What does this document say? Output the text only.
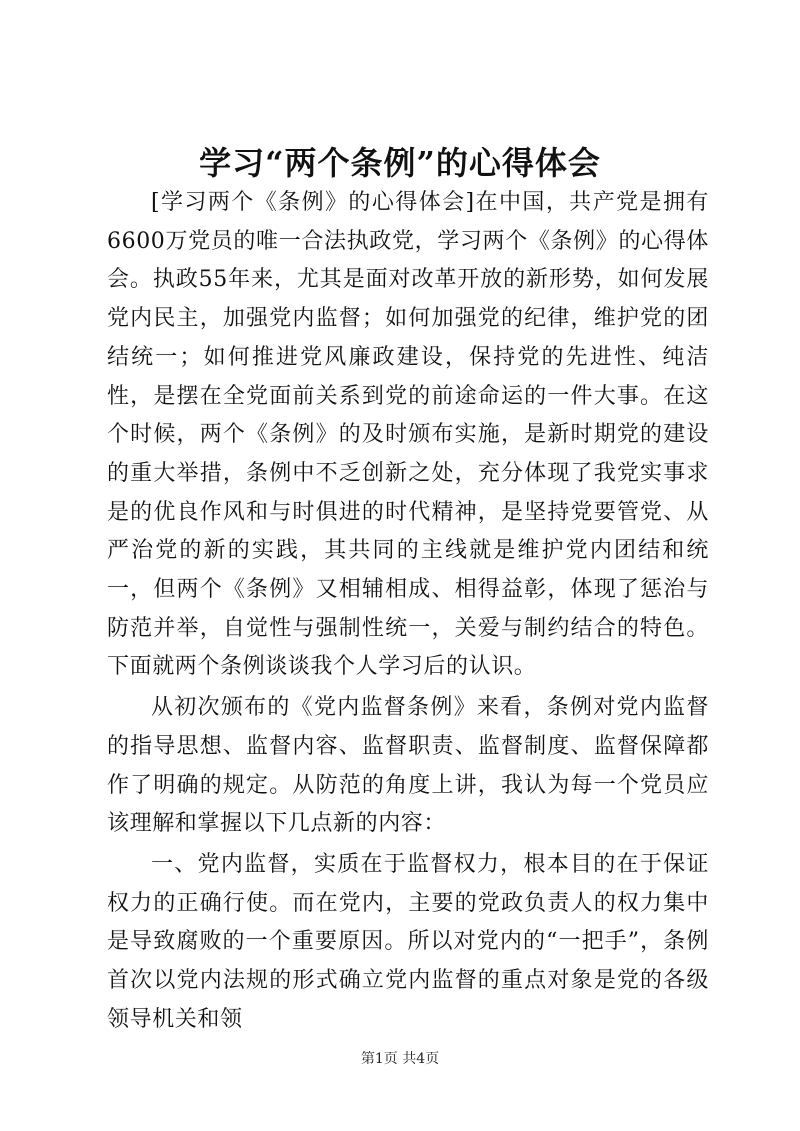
学习“两个条例”的心得体会

[学习两个《条例》的心得体会]在中国，共产党是拥有6600万党员的唯一合法执政党，学习两个《条例》的心得体会。执政55年来，尤其是面对改革开放的新形势，如何发展党内民主，加强党内监督；如何加强党的纪律，维护党的团结统一；如何推进党风廉政建设，保持党的先进性、纯洁性，是摆在全党面前关系到党的前途命运的一件大事。在这个时候，两个《条例》的及时颁布实施，是新时期党的建设的重大举措，条例中不乏创新之处，充分体现了我党实事求是的优良作风和与时俱进的时代精神，是坚持党要管党、从严治党的新的实践，其共同的主线就是维护党内团结和统一，但两个《条例》又相辅相成、相得益彰，体现了惩治与防范并举，自觉性与强制性统一，关爱与制约结合的特色。下面就两个条例谈谈我个人学习后的认识。

从初次颁布的《党内监督条例》来看，条例对党内监督的指导思想、监督内容、监督职责、监督制度、监督保障都作了明确的规定。从防范的角度上讲，我认为每一个党员应该理解和掌握以下几点新的内容：

一、党内监督，实质在于监督权力，根本目的在于保证权力的正确行使。而在党内，主要的党政负责人的权力集中是导致腐败的一个重要原因。所以对党内的“一把手”，条例首次以党内法规的形式确立党内监督的重点对象是党的各级领导机关和领

第1页 共4页
